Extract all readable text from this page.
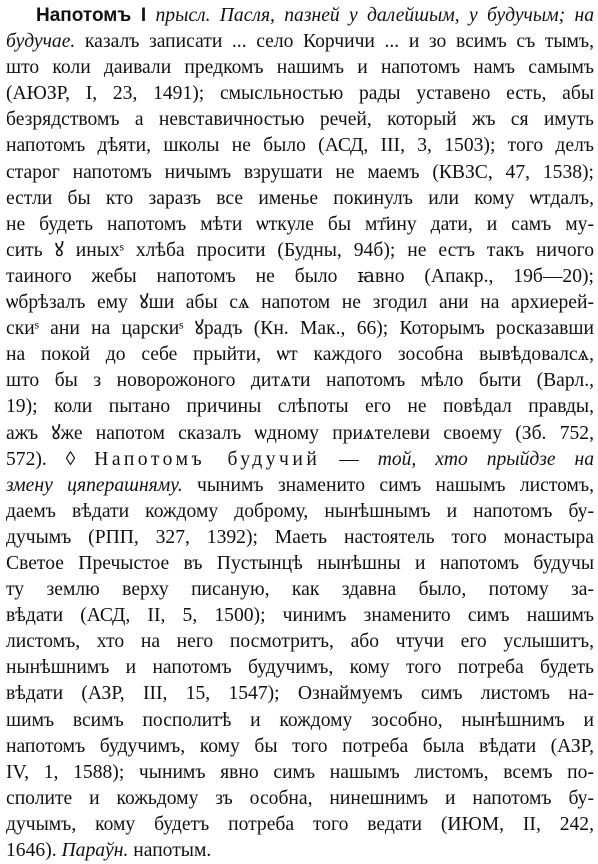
Напотомъ I прысл. Пасля, пазней у далейшым, у будучым; на
будучае. казалъ записати ... село Корчичи ... и зо всимъ съ тымъ,
што коли даивали предкомъ нашимъ и напотомъ намъ самымъ
(АЮЗР, I, 23, 1491); смысльностью рады уставено есть, абы
безрядствомъ а невставичностью речей, который жъ ся имуть
напотомъ дѣяти, школы не было (АСД, III, 3, 1503); того делъ
старог напотомъ ничымъ взрушати не маемъ (КВЗС, 47, 1538);
естли бы кто заразъ все именье покинулъ или кому ѡтдалъ,
не будеть напотомъ мѣти ѡткуле бы мт҃ину дати, и самъ му-
сить ꙋ иныхˢ хлѣба просити (Будны, 94б); не естъ такъ ничого
таиного жебы напотомъ не было ꙗвно (Апакр., 19б—20);
ѡбрѣзалъ ему ꙋши абы сѧ напотом не згодил ани на архиерей-
скиˢ ани на царскиˢ ꙋрадъ (Кн. Мак., 66); Которымъ росказавши
на покой до себе прыйти, ѡт каждого зособна вывѣдовалсѧ,
што бы з новорожоного дитѧти напотомъ мѣло быти (Варл.,
19); коли пытано причины слѣпоты его не повѣдал правды,
ажъ ꙋже напотом сказалъ ѡдному приѧтелеви своему (Зб. 752,
572). ◊ Напотомъ будучий — той, хто прыйдзе на
змену цяперашняму. чынимъ знаменито симъ нашымъ листомъ,
даемъ вѣдати кождому доброму, нынѣшнымъ и напотомъ бу-
дучымъ (РПП, 327, 1392); Маеть настоятель того монастыра
Светое Пречыстое въ Пустынцѣ нынѣшны и напотомъ будучы
ту землю верху писаную, как здавна было, потому за-
вѣдати (АСД, II, 5, 1500); чинимъ знаменито симъ нашимъ
листомъ, хто на него посмотритъ, або чтучи его услышитъ,
нынѣшнимъ и напотомъ будучимъ, кому того потреба будеть
вѣдати (АЗР, III, 15, 1547); Ознаймуемъ симъ листомъ на-
шимъ всимъ посполитѣ и кождому зособно, нынѣшнимъ и
напотомъ будучимъ, кому бы того потреба была вѣдати (АЗР,
IV, 1, 1588); чынимъ явно симъ нашымъ листомъ, всемъ по-
сполите и кожьдому зъ особна, нинешнимъ и напотомъ бу-
дучымъ, кому будетъ потреба того ведати (ИЮМ, II, 242,
1646). Параўн. напотым.
